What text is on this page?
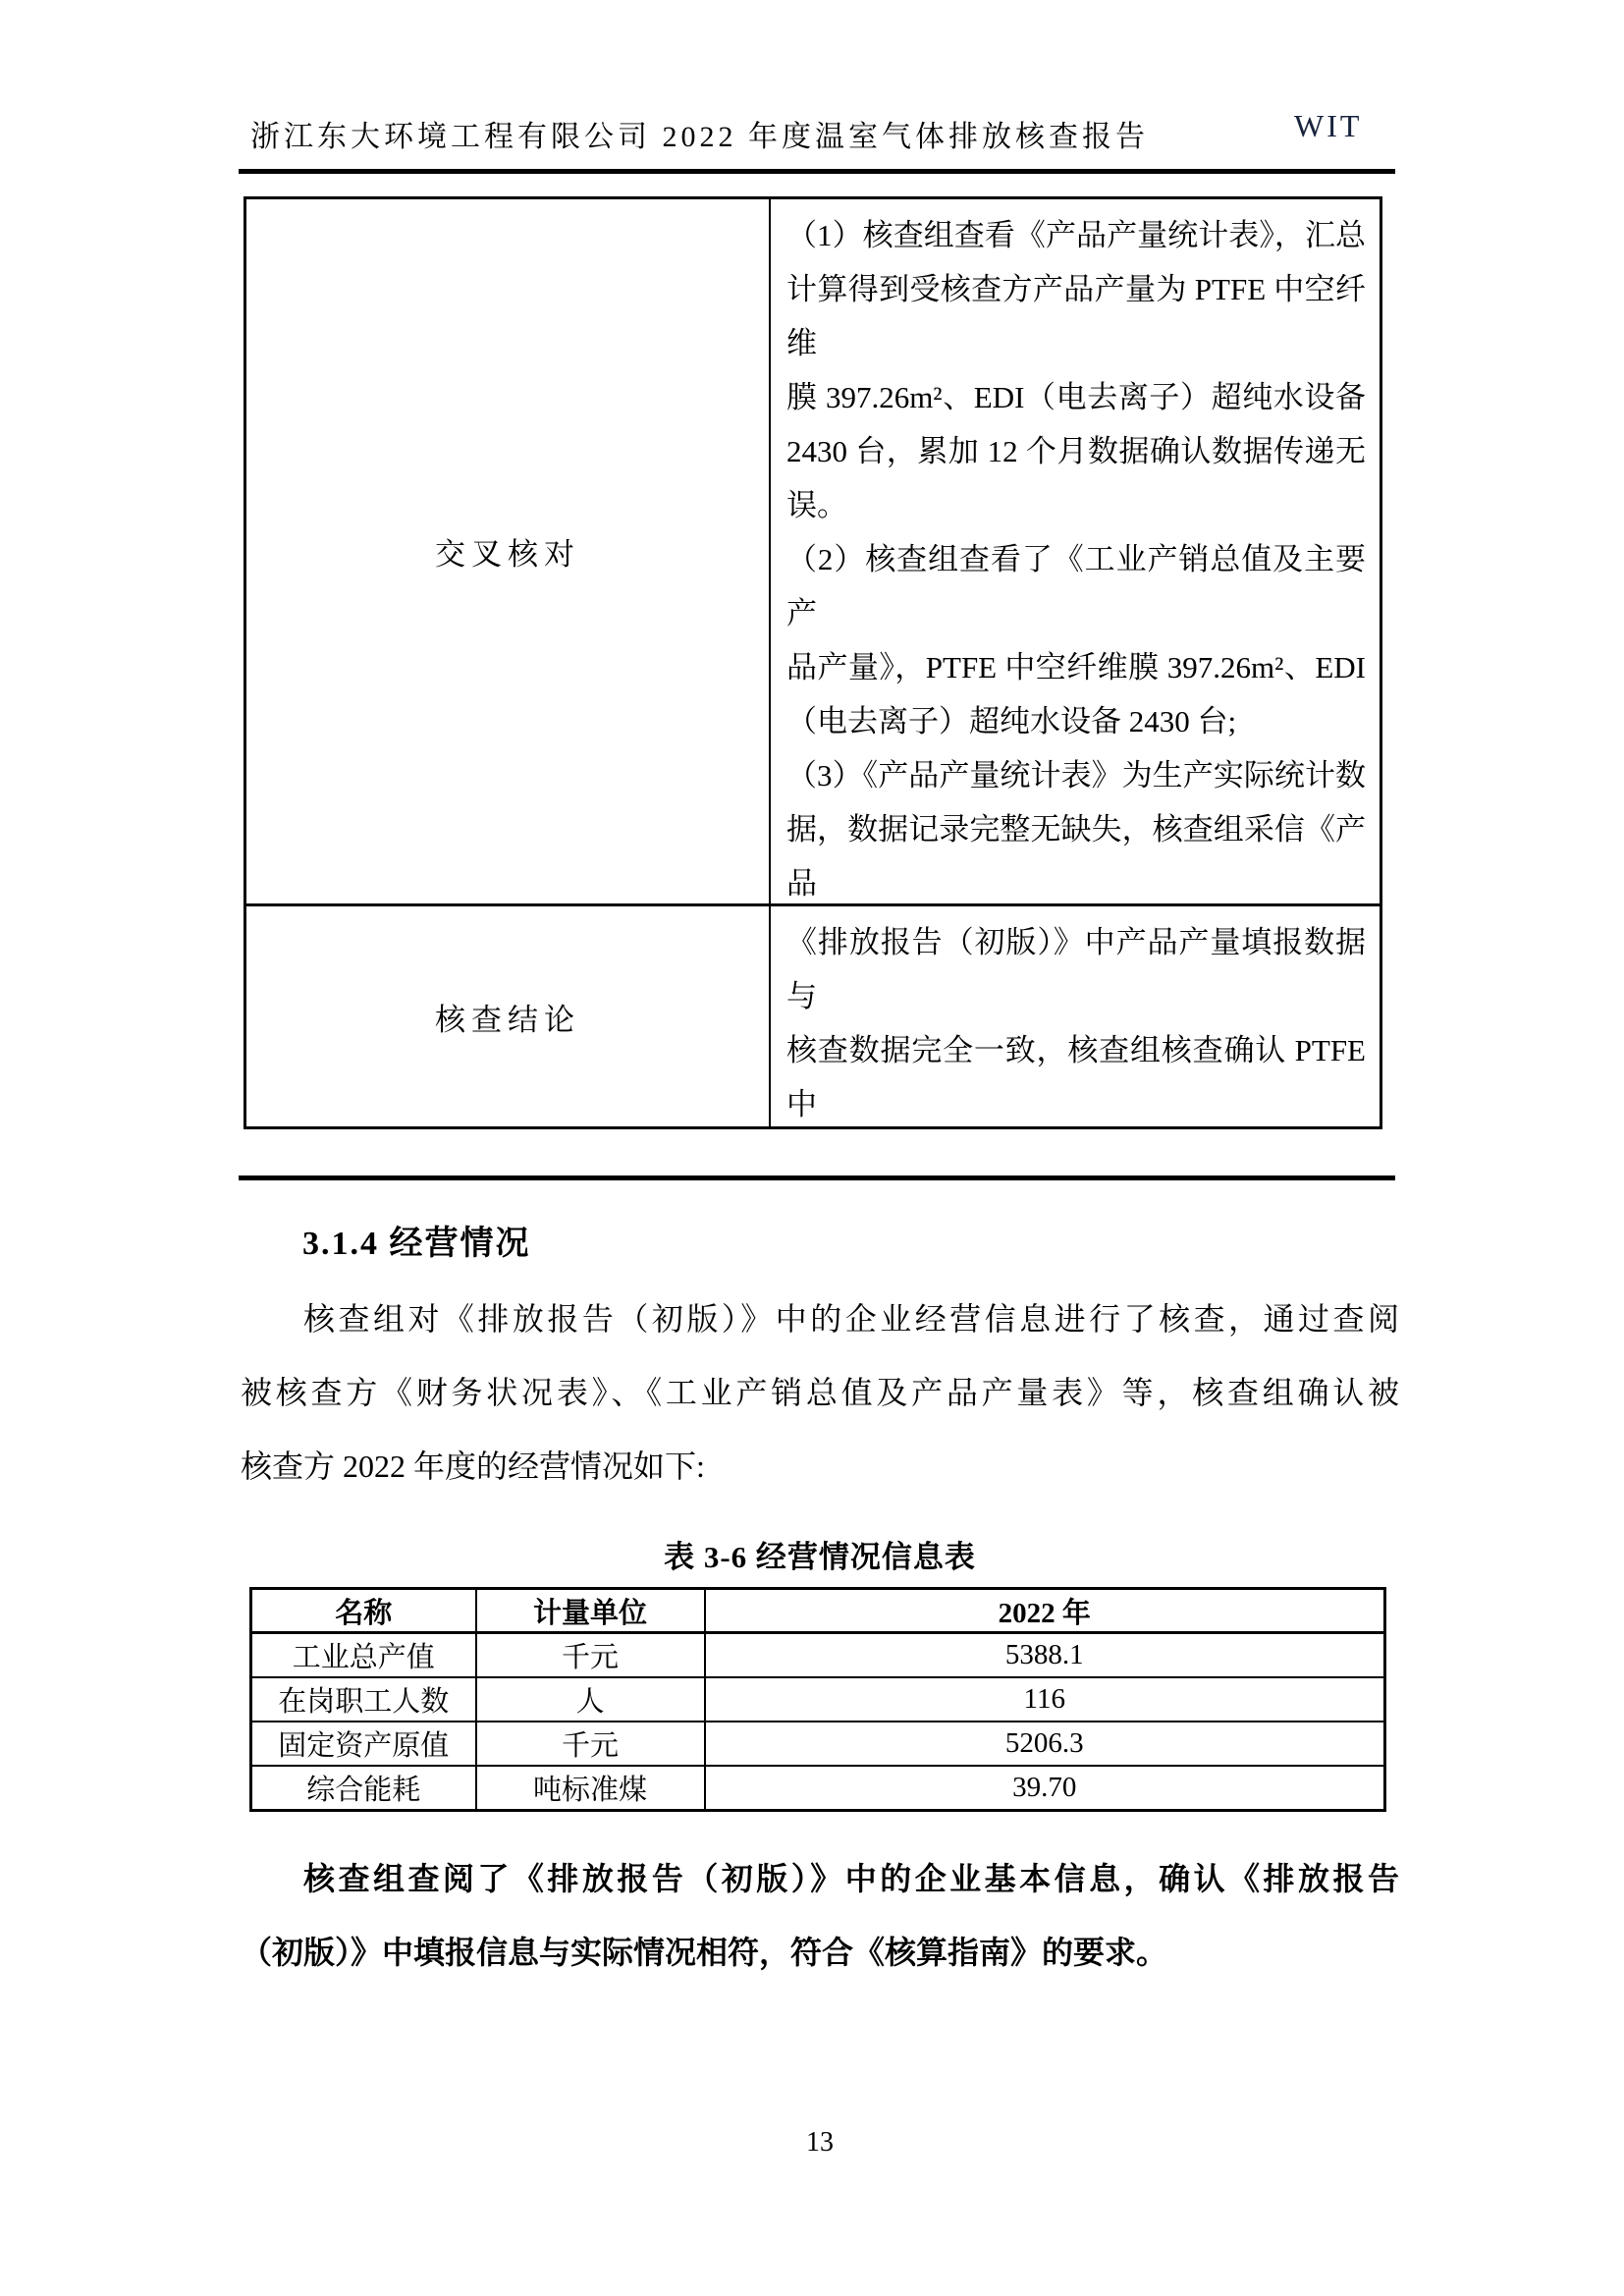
浙江东大环境工程有限公司 2022 年度温室气体排放核查报告	WIT
交叉核对
（1）核查组查看《产品产量统计表》，汇总
计算得到受核查方产品产量为 PTFE 中空纤维
膜 397.26m²、EDI（电去离子）超纯水设备
2430 台，累加 12 个月数据确认数据传递无
误。
（2）核查组查看了《工业产销总值及主要产
品产量》，PTFE 中空纤维膜 397.26m²、EDI
（电去离子）超纯水设备 2430 台;
（3）《产品产量统计表》为生产实际统计数
据，数据记录完整无缺失，核查组采信《产品
核查结论
《排放报告（初版）》中产品产量填报数据与
核查数据完全一致，核查组核查确认 PTFE 中
3.1.4 经营情况
核查组对《排放报告（初版）》中的企业经营信息进行了核查，通过查阅
被核查方《财务状况表》、《工业产销总值及产品产量表》等，核查组确认被
核查方 2022 年度的经营情况如下:
表 3-6 经营情况信息表
名称	计量单位	2022 年
工业总产值	千元	5388.1
在岗职工人数	人	116
固定资产原值	千元	5206.3
综合能耗	吨标准煤	39.70
核查组查阅了《排放报告（初版）》中的企业基本信息，确认《排放报告
（初版）》中填报信息与实际情况相符，符合《核算指南》的要求。
13
